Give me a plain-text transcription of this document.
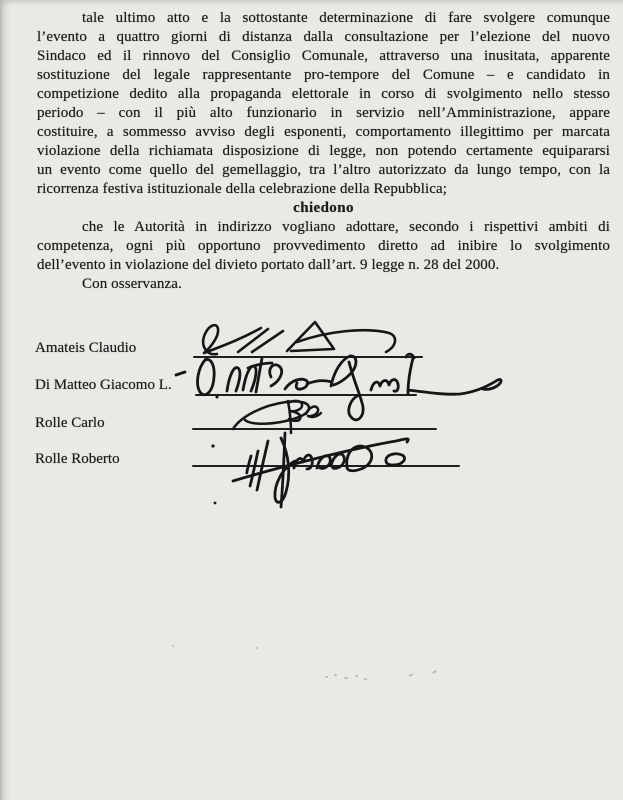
tale ultimo atto e la sottostante determinazione di fare svolgere comunque
l’evento a quattro giorni di distanza dalla consultazione per l’elezione del nuovo
Sindaco ed il rinnovo del Consiglio Comunale, attraverso una inusitata, apparente
sostituzione del legale rappresentante pro-tempore del Comune – e candidato in
competizione dedito alla propaganda elettorale in corso di svolgimento nello stesso
periodo – con il più alto funzionario in servizio nell’Amministrazione, appare
costituire, a sommesso avviso degli esponenti, comportamento illegittimo per marcata
violazione della richiamata disposizione di legge, non potendo certamente equipararsi
un evento come quello del gemellaggio, tra l’altro autorizzato da lungo tempo, con la
ricorrenza festiva istituzionale della celebrazione della Repubblica;
chiedono
che le Autorità in indirizzo vogliano adottare, secondo i rispettivi ambiti di
competenza, ogni più opportuno provvedimento diretto ad inibire lo svolgimento
dell’evento in violazione del divieto portato dall’art. 9 legge n. 28 del 2000.
Con osservanza.
Amateis Claudio
Di Matteo Giacomo L.
Rolle Carlo
Rolle Roberto
